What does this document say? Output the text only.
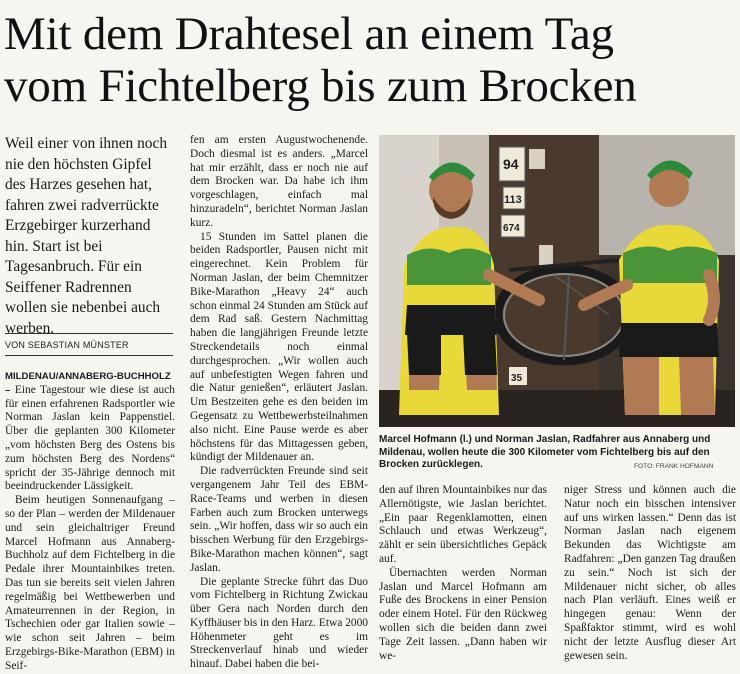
Mit dem Drahtesel an einem Tag
vom Fichtelberg bis zum Brocken
Weil einer von ihnen noch nie den höchsten Gipfel des Harzes gesehen hat, fahren zwei radverrückte Erzgebirger kurzerhand hin. Start ist bei Tagesanbruch. Für ein Seiffener Radrennen wollen sie nebenbei auch werben.
VON SEBASTIAN MÜNSTER

MILDENAU/ANNABERG-BUCHHOLZ – Eine Tagestour wie diese ist auch für einen erfahrenen Radsportler wie Norman Jaslan kein Pappenstiel. Über die geplanten 300 Kilometer „vom höchsten Berg des Ostens bis zum höchsten Berg des Nordens“ spricht der 35-Jährige dennoch mit beeindruckender Lässigkeit.

Beim heutigen Sonnenaufgang – so der Plan – werden der Mildenauer und sein gleichaltriger Freund Marcel Hofmann aus Annaberg-Buchholz auf dem Fichtelberg in die Pedale ihrer Mountainbikes treten. Das tun sie bereits seit vielen Jahren regelmäßig bei Wettbewerben und Amateurrennen in der Region, in Tschechien oder gar Italien sowie – wie schon seit Jahren – beim Erzgebirgs-Bike-Marathon (EBM) in Seif-

fen am ersten Augustwochenende. Doch diesmal ist es anders. „Marcel hat mir erzählt, dass er noch nie auf dem Brocken war. Da habe ich ihm vorgeschlagen, einfach mal hinzuradeln“, berichtet Norman Jaslan kurz.

15 Stunden im Sattel planen die beiden Radsportler, Pausen nicht mit eingerechnet. Kein Problem für Norman Jaslan, der beim Chemnitzer Bike-Marathon „Heavy 24“ auch schon einmal 24 Stunden am Stück auf dem Rad saß. Gestern Nachmittag haben die langjährigen Freunde letzte Streckendetails noch einmal durchgesprochen. „Wir wollen auch auf unbefestigten Wegen fahren und die Natur genießen“, erläutert Jaslan. Um Bestzeiten gehe es den beiden im Gegensatz zu Wettbewerbsteilnahmen also nicht. Eine Pause werde es aber höchstens für das Mittagessen geben, kündigt der Mildenauer an.

Die radverrückten Freunde sind seit vergangenem Jahr Teil des EBM-Race-Teams und werben in diesen Farben auch zum Brocken unterwegs sein. „Wir hoffen, dass wir so auch ein bisschen Werbung für den Erzgebirgs-Bike-Marathon machen können“, sagt Jaslan.

Die geplante Strecke führt das Duo vom Fichtelberg in Richtung Zwickau über Gera nach Norden durch den Kyffhäuser bis in den Harz. Etwa 2000 Höhenmeter geht es im Streckenverlauf hinab und wieder hinauf. Dabei haben die bei-

94
113
674
35
Marcel Hofmann (l.) und Norman Jaslan, Radfahrer aus Annaberg und Mildenau, wollen heute die 300 Kilometer vom Fichtelberg bis auf den Brocken zurücklegen.	FOTO: FRANK HOFMANN

den auf ihren Mountainbikes nur das Allernötigste, wie Jaslan berichtet. „Ein paar Regenklamotten, einen Schlauch und etwas Werkzeug“, zählt er sein übersichtliches Gepäck auf.

Übernachten werden Norman Jaslan und Marcel Hofmann am Fuße des Brockens in einer Pension oder einem Hotel. Für den Rückweg wollen sich die beiden dann zwei Tage Zeit lassen. „Dann haben wir we-

niger Stress und können auch die Natur noch ein bisschen intensiver auf uns wirken lassen.“ Denn das ist Norman Jaslan nach eigenem Bekunden das Wichtigste am Radfahren: „Den ganzen Tag draußen zu sein.“ Noch ist sich der Mildenauer nicht sicher, ob alles nach Plan verläuft. Eines weiß er hingegen genau: Wenn der Spaßfaktor stimmt, wird es wohl nicht der letzte Ausflug dieser Art gewesen sein.
